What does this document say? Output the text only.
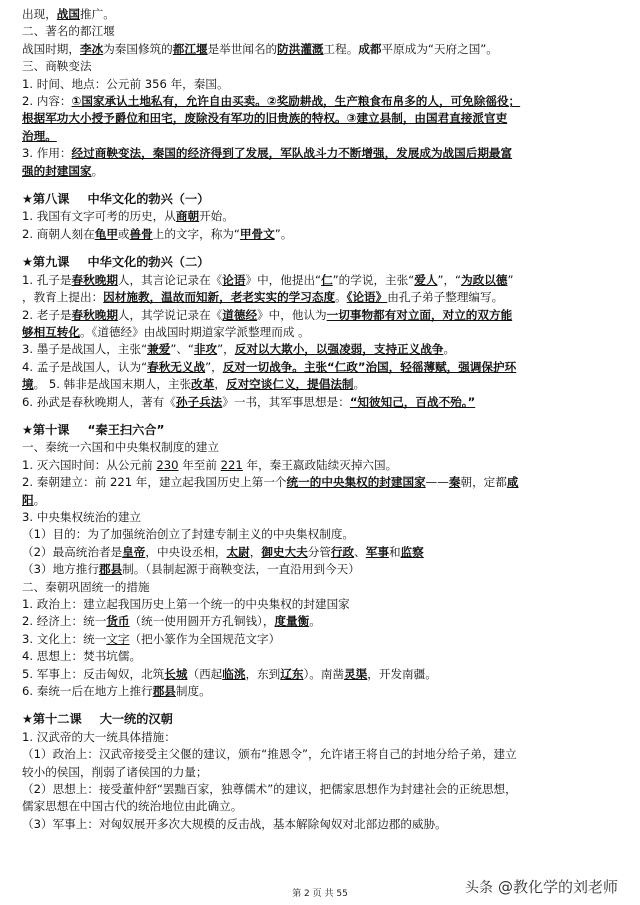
出现，战国推广。
二、著名的都江堰
战国时期，李冰为秦国修筑的都江堰是举世闻名的防洪灌溉工程。成都平原成为“天府之国”。
三、商鞅变法
1. 时间、地点：公元前 356 年，秦国。
2. 内容：①国家承认土地私有，允许自由买卖。②奖励耕战，生产粮食布帛多的人，可免除徭役；
根据军功大小授予爵位和田宅，废除没有军功的旧贵族的特权。③建立县制，由国君直接派官吏
治理。
3. 作用：经过商鞅变法，秦国的经济得到了发展，军队战斗力不断增强，发展成为战国后期最富
强的封建国家。
★第八课 中华文化的勃兴（一）
1. 我国有文字可考的历史，从商朝开始。
2. 商朝人刻在龟甲或兽骨上的文字，称为“甲骨文”。
★第九课 中华文化的勃兴（二）
1. 孔子是春秋晚期人，其言论记录在《论语》中，他提出“仁”的学说，主张“爱人”，“为政以德”
，教育上提出：因材施教，温故而知新，老老实实的学习态度。《论语》由孔子弟子整理编写。
2. 老子是春秋晚期人，其学说记录在《道德经》中，他认为一切事物都有对立面，对立的双方能
够相互转化。《道德经》由战国时期道家学派整理而成 。
3. 墨子是战国人，主张“兼爱”、“非攻”，反对以大欺小，以强凌弱，支持正义战争。
4. 孟子是战国人，认为“春秋无义战”，反对一切战争。主张“仁政”治国，轻徭薄赋，强调保护环
境。 5. 韩非是战国末期人，主张改革，反对空谈仁义，提倡法制。
6. 孙武是春秋晚期人，著有《孙子兵法》一书，其军事思想是：“知彼知己，百战不殆。”
★第十课 “秦王扫六合”
一、秦统一六国和中央集权制度的建立
1. 灭六国时间：从公元前 230 年至前 221 年，秦王嬴政陆续灭掉六国。
2. 秦朝建立：前 221 年，建立起我国历史上第一个统一的中央集权的封建国家——秦朝，定都咸
阳。
3. 中央集权统治的建立
（1）目的：为了加强统治创立了封建专制主义的中央集权制度。
（2）最高统治者是皇帝，中央设丞相，太尉，御史大夫分管行政、军事和监察
（3）地方推行郡县制。（县制起源于商鞅变法，一直沿用到今天）
二、秦朝巩固统一的措施
1. 政治上：建立起我国历史上第一个统一的中央集权的封建国家
2. 经济上：统一货币（统一使用圆开方孔铜钱），度量衡。
3. 文化上：统一文字（把小篆作为全国规范文字）
4. 思想上：焚书坑儒。
5. 军事上：反击匈奴，北筑长城（西起临洮，东到辽东）。南凿灵渠，开发南疆。
6. 秦统一后在地方上推行郡县制度。
★第十二课 大一统的汉朝
1. 汉武帝的大一统具体措施：
（1）政治上：汉武帝接受主父偃的建议，颁布“推恩令”，允许诸王将自己的封地分给子弟，建立
较小的侯国，削弱了诸侯国的力量；
（2）思想上：接受董仲舒“罢黜百家，独尊儒术”的建议，把儒家思想作为封建社会的正统思想，
儒家思想在中国古代的统治地位由此确立。
（3）军事上：对匈奴展开多次大规模的反击战，基本解除匈奴对北部边郡的威胁。
第 2 页 共 55	头条 @教化学的刘老师
